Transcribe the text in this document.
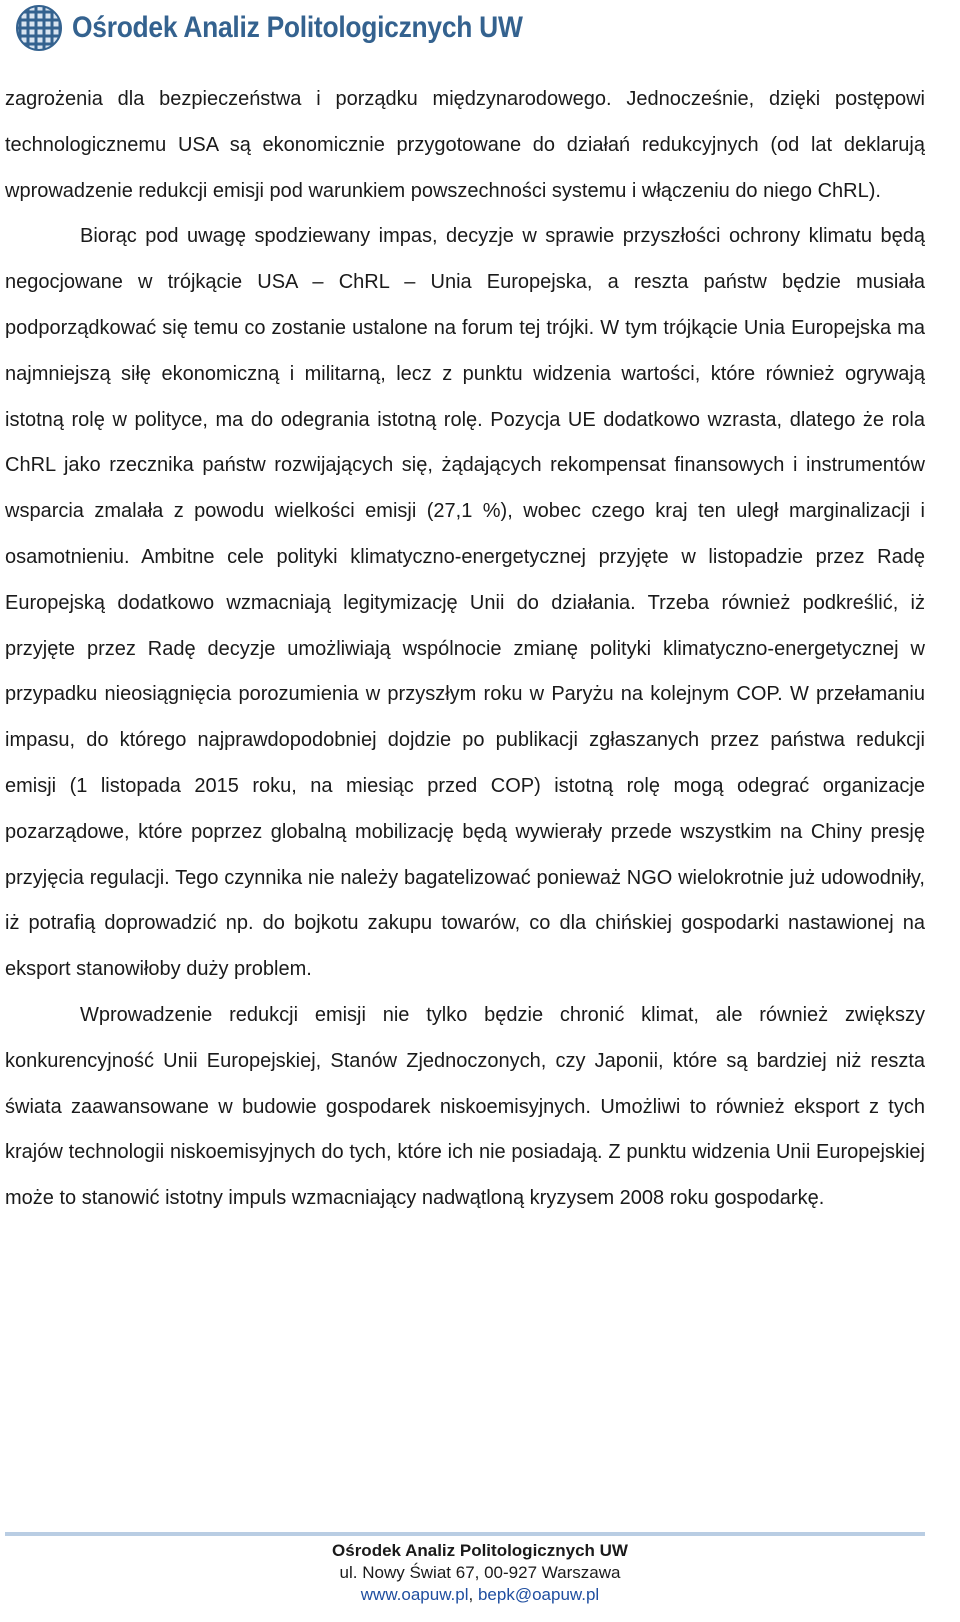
Ośrodek Analiz Politologicznych UW

zagrożenia dla bezpieczeństwa i porządku międzynarodowego. Jednocześnie, dzięki postępowi technologicznemu USA są ekonomicznie przygotowane do działań redukcyjnych (od lat deklarują wprowadzenie redukcji emisji pod warunkiem powszechności systemu i włączeniu do niego ChRL).

Biorąc pod uwagę spodziewany impas, decyzje w sprawie przyszłości ochrony klimatu będą negocjowane w trójkącie USA – ChRL – Unia Europejska, a reszta państw będzie musiała podporządkować się temu co zostanie ustalone na forum tej trójki. W tym trójkącie Unia Europejska ma najmniejszą siłę ekonomiczną i militarną, lecz z punktu widzenia wartości, które również ogrywają istotną rolę w polityce, ma do odegrania istotną rolę. Pozycja UE dodatkowo wzrasta, dlatego że rola ChRL jako rzecznika państw rozwijających się, żądających rekompensat finansowych i instrumentów wsparcia zmalała z powodu wielkości emisji (27,1 %), wobec czego kraj ten uległ marginalizacji i osamotnieniu. Ambitne cele polityki klimatyczno-energetycznej przyjęte w listopadzie przez Radę Europejską dodatkowo wzmacniają legitymizację Unii do działania. Trzeba również podkreślić, iż przyjęte przez Radę decyzje umożliwiają wspólnocie zmianę polityki klimatyczno-energetycznej w przypadku nieosiągnięcia porozumienia w przyszłym roku w Paryżu na kolejnym COP. W przełamaniu impasu, do którego najprawdopodobniej dojdzie po publikacji zgłaszanych przez państwa redukcji emisji (1 listopada 2015 roku, na miesiąc przed COP) istotną rolę mogą odegrać organizacje pozarządowe, które poprzez globalną mobilizację będą wywierały przede wszystkim na Chiny presję przyjęcia regulacji. Tego czynnika nie należy bagatelizować ponieważ NGO wielokrotnie już udowodniły, iż potrafią doprowadzić np. do bojkotu zakupu towarów, co dla chińskiej gospodarki nastawionej na eksport stanowiłoby duży problem.

Wprowadzenie redukcji emisji nie tylko będzie chronić klimat, ale również zwiększy konkurencyjność Unii Europejskiej, Stanów Zjednoczonych, czy Japonii, które są bardziej niż reszta świata zaawansowane w budowie gospodarek niskoemisyjnych. Umożliwi to również eksport z tych krajów technologii niskoemisyjnych do tych, które ich nie posiadają. Z punktu widzenia Unii Europejskiej może to stanowić istotny impuls wzmacniający nadwątloną kryzysem 2008 roku gospodarkę.

Ośrodek Analiz Politologicznych UW
ul. Nowy Świat 67, 00-927 Warszawa
www.oapuw.pl, bepk@oapuw.pl
